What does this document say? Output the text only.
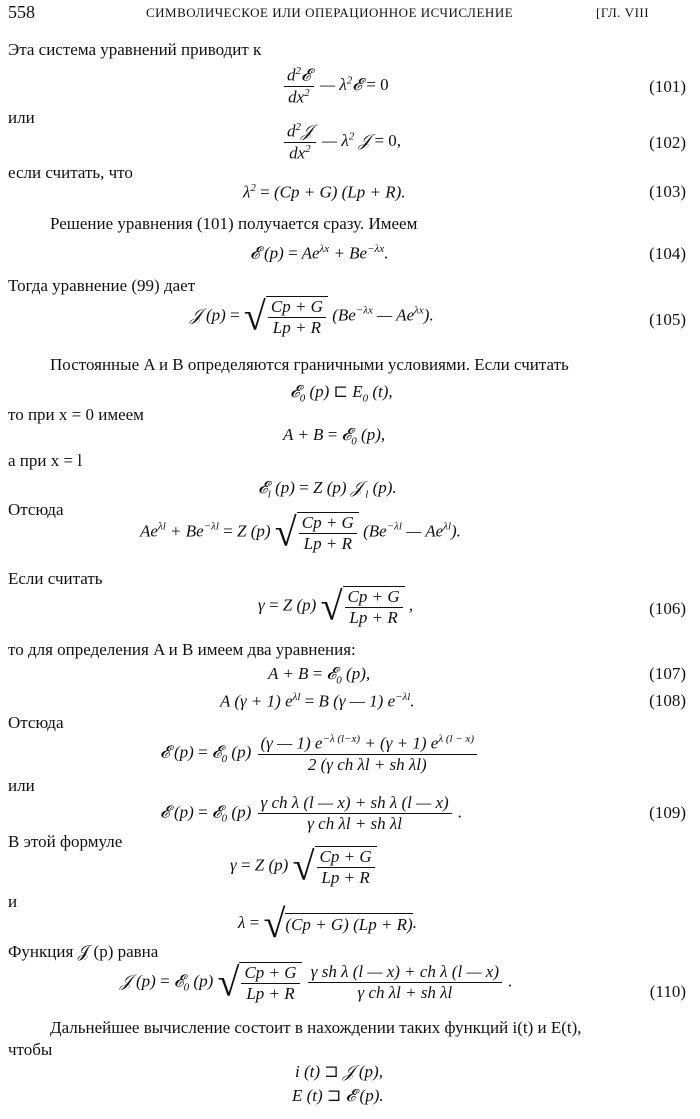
558	СИМВОЛИЧЕСКОЕ ИЛИ ОПЕРАЦИОННОЕ ИСЧИСЛЕНИЕ	[ГЛ. VIII
Эта система уравнений приводит к
$\frac{d^2𝓔}{dx^2}$ — $\lambda^2𝓔 = 0$	(101)
или
$\frac{d^2𝒥}{dx^2}$ — $\lambda^2$ 𝒥 = 0,	(102)
если считать, что
$\lambda^2 = (Cp + G) (Lp + R)$.	(103)
Решение уравнения (101) получается сразу. Имеем
𝓔 $(p) = Ae^{\lambda x} + Be^{-\lambda x}$.	(104)
Тогда уравнение (99) дает
𝒥 (p) = √ $\frac{Cp + G}{Lp + R} (Be^{-\lambda x}$ — $Ae^{\lambda x}$).	(105)
Постоянные A и B определяются граничными условиями. Если считать
𝓔$_0$ (p) ⊏ $E_0$ (t),
то при x = 0 имеем
A + B = 𝓔$_0$ (p),
а при x = l
𝓔$_l$ (p) = Z (p) 𝒥 $_l$ (p).
Отсюда
$Ae^{\lambda l} + Be^{-\lambda l} = Z$ (p) √ $\frac{Cp + G}{Lp + R} (Be^{-\lambda l}$ — $Ae^{\lambda l}$).
Если считать
γ = Z (p) √ $\frac{Cp + G}{Lp + R}$ ,	(106)
то для определения A и B имеем два уравнения:
A + B = 𝓔$_0$ (p),	(107)
A (γ + 1) $e^{\lambda l} = B$ (γ — 1) $e^{-\lambda l}$.	(108)
Отсюда
𝓔 (p) = 𝓔$_0$ $(p) \frac{(\gamma — 1) e^{-\lambda (l-x)} + (\gamma + 1) e^{\lambda (l - x)}}{\text{2 (γ ch λl + sh λl)}}$
или
𝓔 (p) = 𝓔$_0$ $(p) \frac{\text{γ ch λ (l — x) + sh λ (l — x)}}{\text{γ ch λl + sh λl}}$ .	(109)
В этой формуле
γ = Z (p) √ $\frac{Cp + G}{Lp + R}$
и
λ = √(Cp + G) (Lp + R).
Функция 𝒥 (p) равна
𝒥 (p) = 𝓔$_0$ (p) √ $\frac{Cp + G}{Lp + R}$
$\frac{\text{γ sh λ (l — x) + ch λ (l — x)}}{\text{γ ch λl + sh λl}}$ .
(110)
Дальнейшее вычисление состоит в нахождении таких функций i(t) и E(t),
чтобы
i (t) ⊐ 𝒥 (p),
E (t) ⊐ 𝓔 (p).
